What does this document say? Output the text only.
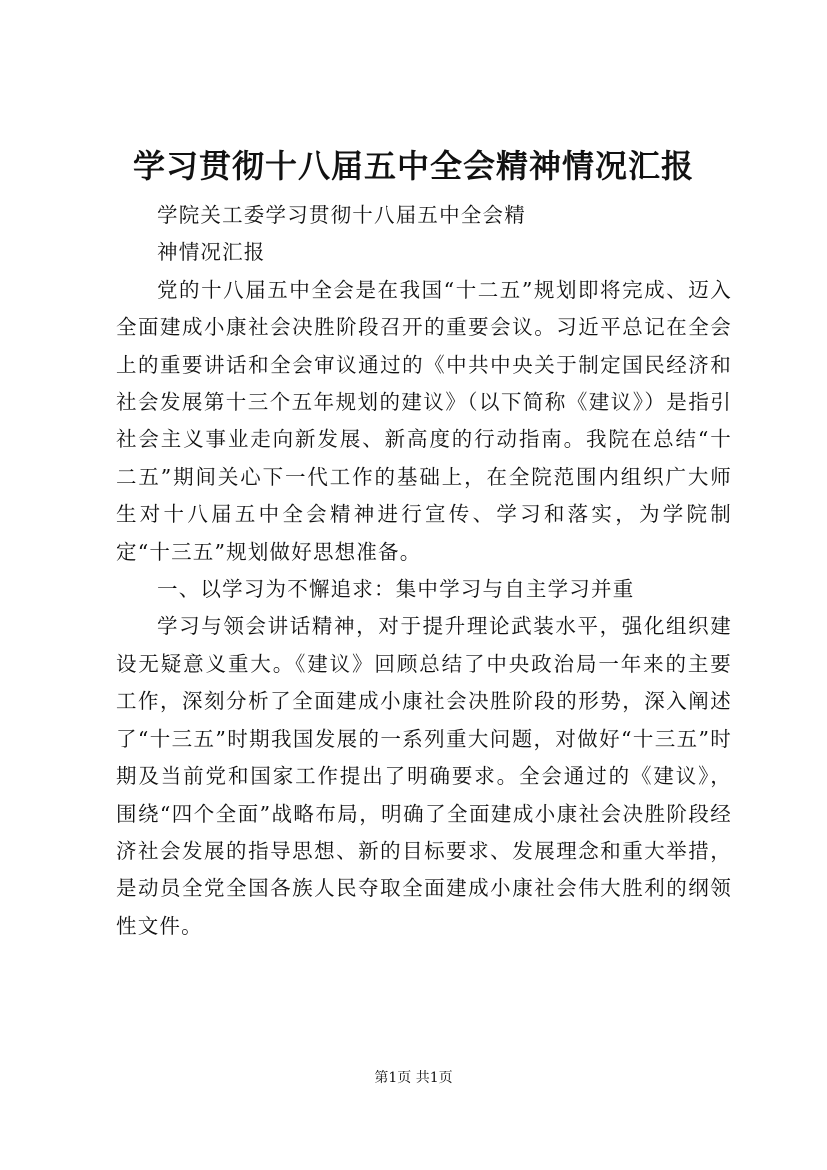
学习贯彻十八届五中全会精神情况汇报

学院关工委学习贯彻十八届五中全会精

神情况汇报

党的十八届五中全会是在我国“十二五”规划即将完成、迈入全面建成小康社会决胜阶段召开的重要会议。习近平总记在全会上的重要讲话和全会审议通过的《中共中央关于制定国民经济和社会发展第十三个五年规划的建议》（以下简称《建议》）是指引社会主义事业走向新发展、新高度的行动指南。我院在总结“十二五”期间关心下一代工作的基础上，在全院范围内组织广大师生对十八届五中全会精神进行宣传、学习和落实，为学院制定“十三五”规划做好思想准备。

一、以学习为不懈追求：集中学习与自主学习并重

学习与领会讲话精神，对于提升理论武装水平，强化组织建设无疑意义重大。《建议》回顾总结了中央政治局一年来的主要工作，深刻分析了全面建成小康社会决胜阶段的形势，深入阐述了“十三五”时期我国发展的一系列重大问题，对做好“十三五”时期及当前党和国家工作提出了明确要求。全会通过的《建议》，围绕“四个全面”战略布局，明确了全面建成小康社会决胜阶段经济社会发展的指导思想、新的目标要求、发展理念和重大举措，是动员全党全国各族人民夺取全面建成小康社会伟大胜利的纲领性文件。

第1页 共1页
